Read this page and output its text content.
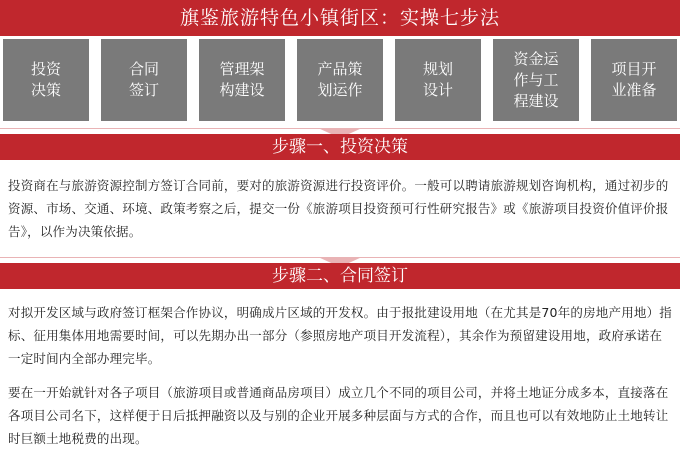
旗鉴旅游特色小镇街区：实操七步法
投资
决策
合同
签订
管理架
构建设
产品策
划运作
规划
设计
资金运
作与工
程建设
项目开
业准备
步骤一、投资决策
投资商在与旅游资源控制方签订合同前，要对的旅游资源进行投资评价。一般可以聘请旅游规划咨询机构，通过初步的资源、市场、交通、环境、政策考察之后，提交一份《旅游项目投资预可行性研究报告》或《旅游项目投资价值评价报告》，以作为决策依据。
步骤二、合同签订
对拟开发区域与政府签订框架合作协议，明确成片区域的开发权。由于报批建设用地（在尤其是70年的房地产用地）指标、征用集体用地需要时间，可以先期办出一部分（参照房地产项目开发流程），其余作为预留建设用地，政府承诺在一定时间内全部办理完毕。
要在一开始就针对各子项目（旅游项目或普通商品房项目）成立几个不同的项目公司，并将土地证分成多本，直接落在各项目公司名下，这样便于日后抵押融资以及与别的企业开展多种层面与方式的合作，而且也可以有效地防止土地转让时巨额土地税费的出现。
